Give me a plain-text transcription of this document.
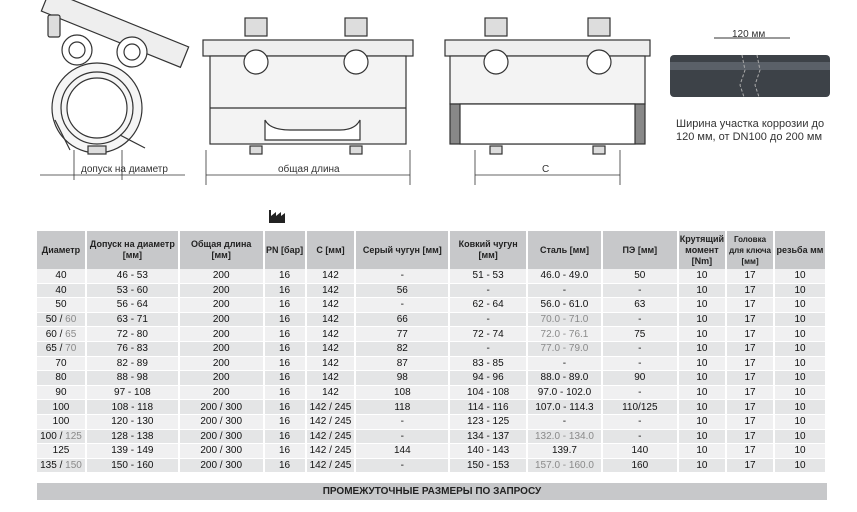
допуск на диаметр	общая длина	C
120 мм
Ширина участка коррозии до 120 мм, от DN100 до 200 мм
Диаметр	Допуск на диаметр [мм]	Общая длина [мм]	PN [бар]	C [мм]	Серый чугун [мм]	Ковкий чугун [мм]	Сталь [мм]	ПЭ [мм]	Крутящий момент [Nm]	Головка для ключа [мм]	резьба мм
40	46 - 53	200	16	142	-	51 - 53	46.0 - 49.0	50	10	17	10
40	53 - 60	200	16	142	56	-	-	-	10	17	10
50	56 - 64	200	16	142	-	62 - 64	56.0 - 61.0	63	10	17	10
50 / 60	63 - 71	200	16	142	66	-	70.0 - 71.0	-	10	17	10
60 / 65	72 - 80	200	16	142	77	72 - 74	72.0 - 76.1	75	10	17	10
65 / 70	76 - 83	200	16	142	82	-	77.0 - 79.0	-	10	17	10
70	82 - 89	200	16	142	87	83 - 85	-	-	10	17	10
80	88 - 98	200	16	142	98	94 - 96	88.0 - 89.0	90	10	17	10
90	97 - 108	200	16	142	108	104 - 108	97.0 - 102.0	-	10	17	10
100	108 - 118	200 / 300	16	142 / 245	118	114 - 116	107.0 - 114.3	110/125	10	17	10
100	120 - 130	200 / 300	16	142 / 245	-	123 - 125	-	-	10	17	10
100 / 125	128 - 138	200 / 300	16	142 / 245	-	134 - 137	132.0 - 134.0	-	10	17	10
125	139 - 149	200 / 300	16	142 / 245	144	140 - 143	139.7	140	10	17	10
135 / 150	150 - 160	200 / 300	16	142 / 245	-	150 - 153	157.0 - 160.0	160	10	17	10
ПРОМЕЖУТОЧНЫЕ РАЗМЕРЫ ПО ЗАПРОСУ
